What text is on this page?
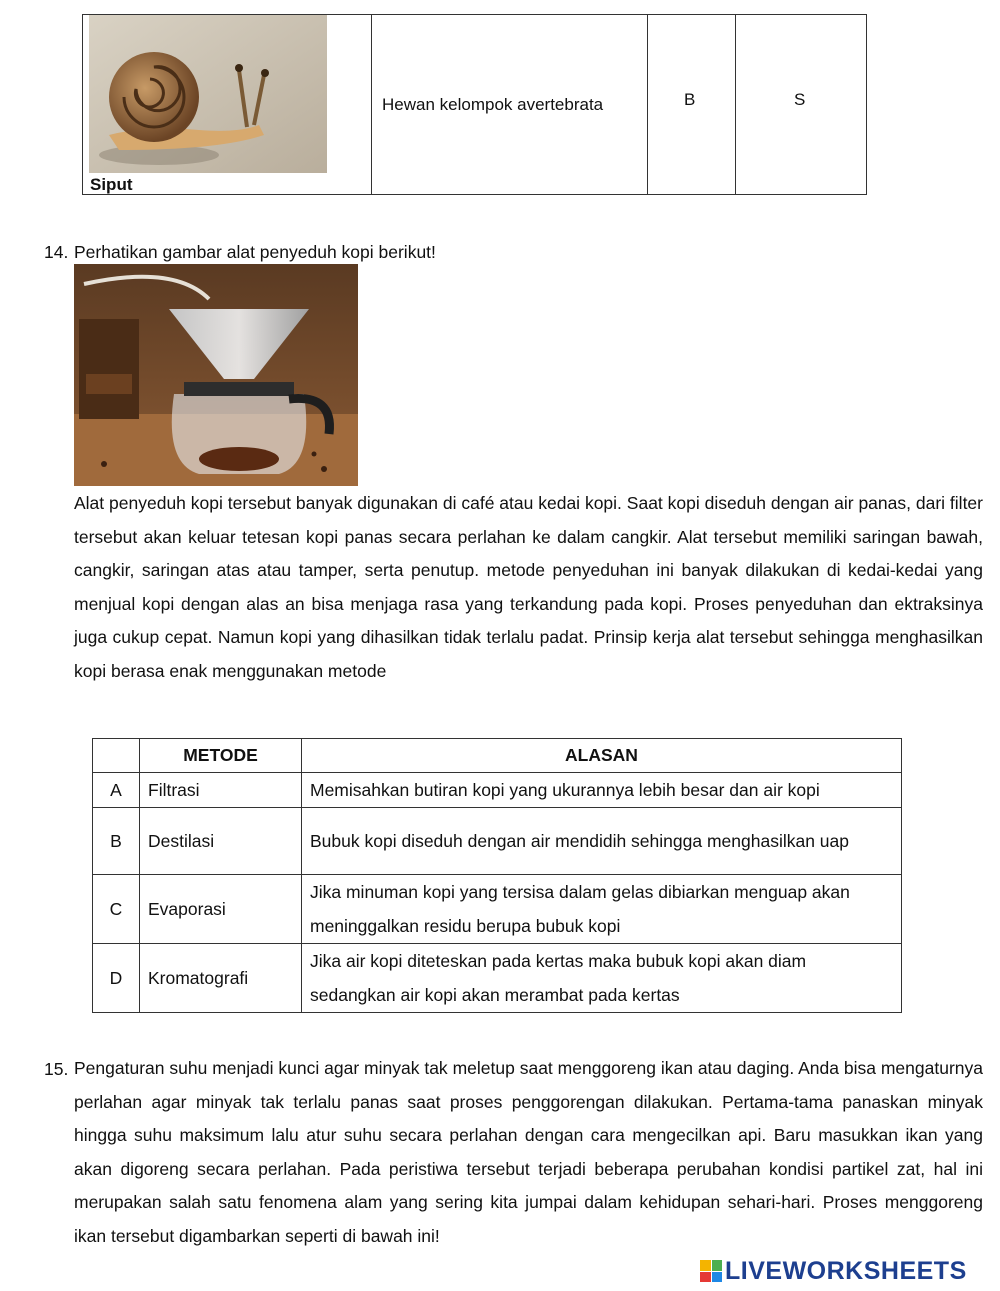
Siput
Hewan kelompok avertebrata	B	S
14. Perhatikan gambar alat penyeduh kopi berikut!
Alat penyeduh kopi tersebut banyak digunakan di café atau kedai kopi. Saat kopi diseduh dengan air panas, dari filter tersebut akan keluar tetesan kopi panas secara perlahan ke dalam cangkir. Alat tersebut memiliki saringan bawah, cangkir, saringan atas atau tamper, serta penutup. metode penyeduhan ini banyak dilakukan di kedai-kedai yang menjual kopi dengan alas an bisa menjaga rasa yang terkandung pada kopi. Proses penyeduhan dan ektraksinya juga cukup cepat. Namun kopi yang dihasilkan tidak terlalu padat. Prinsip kerja alat tersebut sehingga menghasilkan kopi berasa enak menggunakan metode
	METODE	ALASAN
A	Filtrasi	Memisahkan butiran kopi yang ukurannya lebih besar dan air kopi
B	Destilasi	Bubuk kopi diseduh dengan air mendidih sehingga menghasilkan uap
C	Evaporasi	Jika minuman kopi yang tersisa dalam gelas dibiarkan menguap akan meninggalkan residu berupa bubuk kopi
D	Kromatografi	Jika air kopi diteteskan pada kertas maka bubuk kopi akan diam sedangkan air kopi akan merambat pada kertas
15. Pengaturan suhu menjadi kunci agar minyak tak meletup saat menggoreng ikan atau daging. Anda bisa mengaturnya perlahan agar minyak tak terlalu panas saat proses penggorengan dilakukan. Pertama-tama panaskan minyak hingga suhu maksimum lalu atur suhu secara perlahan dengan cara mengecilkan api. Baru masukkan ikan yang akan digoreng secara perlahan. Pada peristiwa tersebut terjadi beberapa perubahan kondisi partikel zat, hal ini merupakan salah satu fenomena alam yang sering kita jumpai dalam kehidupan sehari-hari. Proses menggoreng ikan tersebut digambarkan seperti di bawah ini!
LIVEWORKSHEETS
